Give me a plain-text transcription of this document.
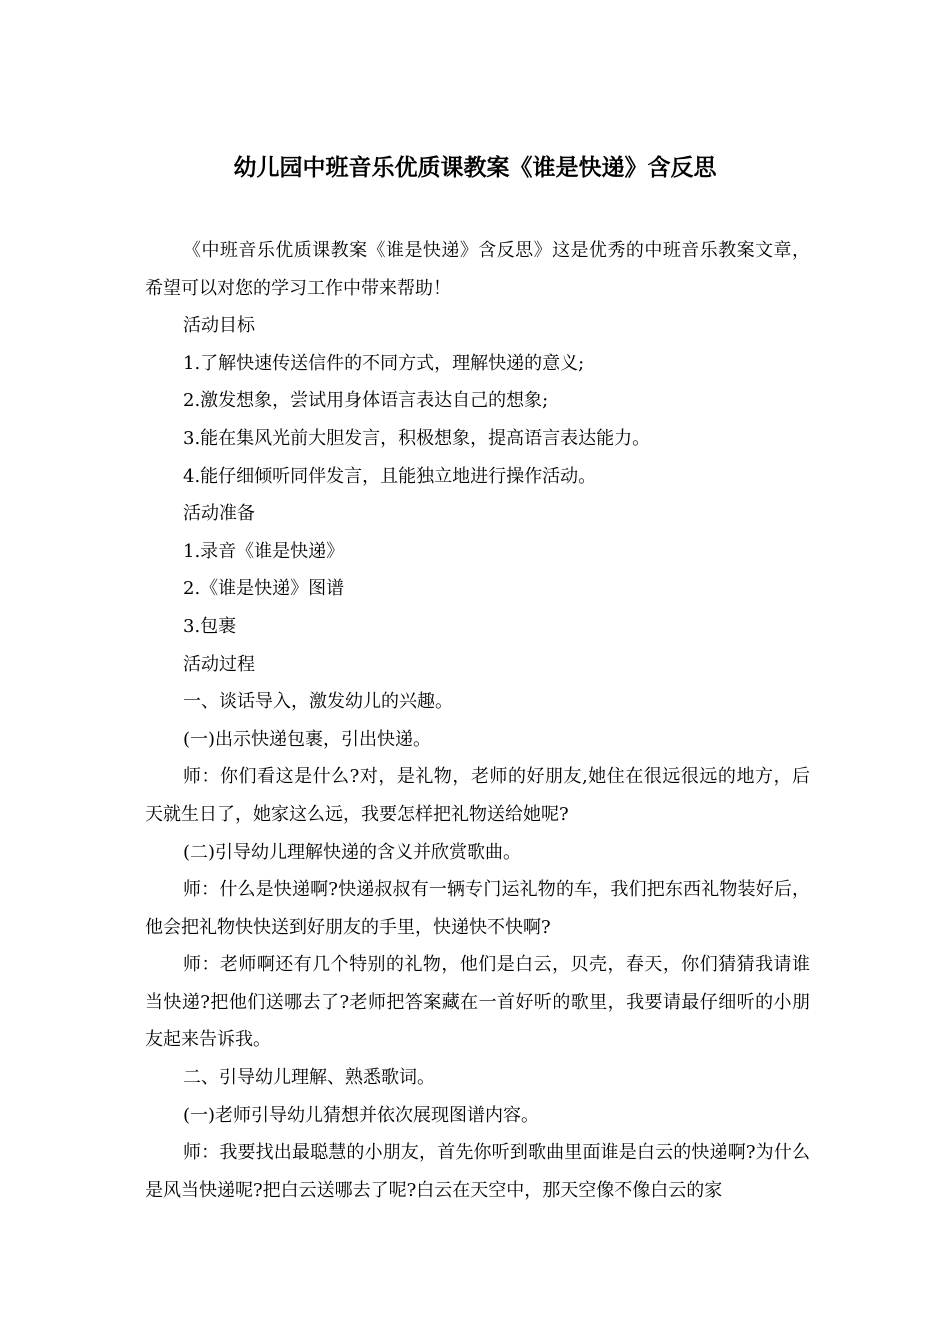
幼儿园中班音乐优质课教案《谁是快递》含反思

《中班音乐优质课教案《谁是快递》含反思》这是优秀的中班音乐教案文章，希望可以对您的学习工作中带来帮助！

活动目标

1.了解快速传送信件的不同方式，理解快递的意义;

2.激发想象，尝试用身体语言表达自己的想象;

3.能在集风光前大胆发言，积极想象，提高语言表达能力。

4.能仔细倾听同伴发言，且能独立地进行操作活动。

活动准备

1.录音《谁是快递》

2.《谁是快递》图谱

3.包裹

活动过程

一、谈话导入，激发幼儿的兴趣。

(一)出示快递包裹，引出快递。

师：你们看这是什么?对，是礼物，老师的好朋友,她住在很远很远的地方，后天就生日了，她家这么远，我要怎样把礼物送给她呢?

(二)引导幼儿理解快递的含义并欣赏歌曲。

师：什么是快递啊?快递叔叔有一辆专门运礼物的车，我们把东西礼物装好后，他会把礼物快快送到好朋友的手里，快递快不快啊?

师：老师啊还有几个特别的礼物，他们是白云，贝壳，春天，你们猜猜我请谁当快递?把他们送哪去了?老师把答案藏在一首好听的歌里，我要请最仔细听的小朋友起来告诉我。

二、引导幼儿理解、熟悉歌词。

(一)老师引导幼儿猜想并依次展现图谱内容。

师：我要找出最聪慧的小朋友，首先你听到歌曲里面谁是白云的快递啊?为什么是风当快递呢?把白云送哪去了呢?白云在天空中，那天空像不像白云的家
